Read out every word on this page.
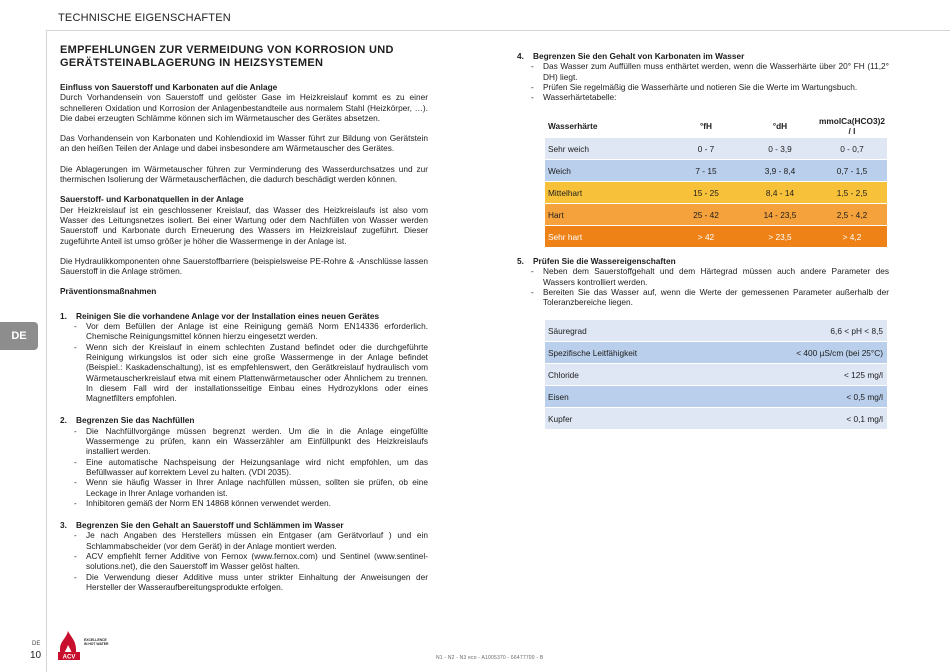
TECHNISCHE EIGENSCHAFTEN
DE
EMPFEHLUNGEN ZUR VERMEIDUNG VON KORROSION UND
GERÄTSTEINABLAGERUNG IN HEIZSYSTEMEN
Einfluss von Sauerstoff und Karbonaten auf die Anlage

Durch Vorhandensein von Sauerstoff und gelöster Gase im Heizkreislauf kommt es zu einer schnelleren Oxidation und Korrosion der Anlagenbestandteile aus normalem Stahl (Heizkörper, …). Die dabei erzeugten Schlämme können sich im Wärmetauscher des Gerätes absetzen.

Das Vorhandensein von Karbonaten und Kohlendioxid im Wasser führt zur Bildung von Gerätstein an den heißen Teilen der Anlage und dabei insbesondere am Wärmetauscher des Gerätes.

Die Ablagerungen im Wärmetauscher führen zur Verminderung des Wasserdurchsatzes und zur thermischen Isolierung der Wärmetauscherflächen, die dadurch beschädigt werden können.

Sauerstoff- und Karbonatquellen in der Anlage

Der Heizkreislauf ist ein geschlossener Kreislauf, das Wasser des Heizkreislaufs ist also vom Wasser des Leitungsnetzes isoliert. Bei einer Wartung oder dem Nachfüllen von Wasser werden Sauerstoff und Karbonate durch Erneuerung des Wassers im Heizkreislauf zugeführt. Dieser zugeführte Anteil ist umso größer je höher die Wassermenge in der Anlage ist.

Die Hydraulikkomponenten ohne Sauerstoffbarriere (beispielsweise PE-Rohre & -Anschlüsse lassen Sauerstoff in die Anlage strömen.

Präventionsmaßnahmen
1.	Reinigen Sie die vorhandene Anlage vor der Installation eines neuen Gerätes
- Vor dem Befüllen der Anlage ist eine Reinigung gemäß Norm EN14336 erforderlich. Chemische Reinigungsmittel können hierzu eingesetzt werden.
- Wenn sich der Kreislauf in einem schlechten Zustand befindet oder die durchgeführte Reinigung wirkungslos ist oder sich eine große Wassermenge in der Anlage befindet (Beispiel.: Kaskadenschaltung), ist es empfehlenswert, den Gerätkreislauf hydraulisch vom Wärmetauscherkreislauf etwa mit einem Plattenwärmetauscher oder Ähnlichem zu trennen. In diesem Fall wird der installationsseitige Einbau eines Hydrozyklons oder eines Magnetfilters empfohlen.
2.	Begrenzen Sie das Nachfüllen
- Die Nachfüllvorgänge müssen begrenzt werden. Um die in die Anlage eingefüllte Wassermenge zu prüfen, kann ein Wasserzähler am Einfüllpunkt des Heizkreislaufs installiert werden.
- Eine automatische Nachspeisung der Heizungsanlage wird nicht empfohlen, um das Befüllwasser auf korrektem Level zu halten. (VDI 2035).
- Wenn sie häufig Wasser in Ihrer Anlage nachfüllen müssen, sollten sie prüfen, ob eine Leckage in Ihrer Anlage vorhanden ist.
- Inhibitoren gemäß der Norm EN 14868 können verwendet werden.
3.	Begrenzen Sie den Gehalt an Sauerstoff und Schlämmen im Wasser
- Je nach Angaben des Herstellers müssen ein Entgaser (am Gerätvorlauf ) und ein Schlammabscheider (vor dem Gerät) in der Anlage montiert werden.
- ACV empfiehlt ferner Additive von Fernox (www.fernox.com) und Sentinel (www.sentinel-solutions.net), die den Sauerstoff im Wasser gelöst halten.
- Die Verwendung dieser Additive muss unter strikter Einhaltung der Anweisungen der Hersteller der Wasseraufbereitungsprodukte erfolgen.
4.	Begrenzen Sie den Gehalt von Karbonaten im Wasser
- Das Wasser zum Auffüllen muss enthärtet werden, wenn die Wasserhärte über 20° FH (11,2° DH) liegt.
- Prüfen Sie regelmäßig die Wasserhärte und notieren Sie die Werte im Wartungsbuch.
- Wasserhärtetabelle:
5.	Prüfen Sie die Wassereigenschaften
- Neben dem Sauerstoffgehalt und dem Härtegrad müssen auch andere Parameter des Wassers kontrolliert werden.
- Bereiten Sie das Wasser auf, wenn die Werte der gemessenen Parameter außerhalb der Toleranzbereiche liegen.
Wasserhärte	°fH	°dH	mmolCa(HCO3)2 / l
Sehr weich	0 - 7	0 - 3,9	0 - 0,7
Weich	7 - 15	3,9 - 8,4	0,7 - 1,5
Mittelhart	15 - 25	8,4 - 14	1,5 - 2,5
Hart	25 - 42	14 - 23,5	2,5 - 4,2
Sehr hart	> 42	> 23,5	> 4,2
Säuregrad	6,6 < pH < 8,5
Spezifische Leitfähigkeit	< 400 µS/cm (bei 25°C)
Chloride	< 125 mg/l
Eisen	< 0,5 mg/l
Kupfer	< 0,1 mg/l
DE
10	ACV
EXCELLENCE
IN HOT WATER
N1 - N2 - N3 eco - A1005370 - 66477700 - B
